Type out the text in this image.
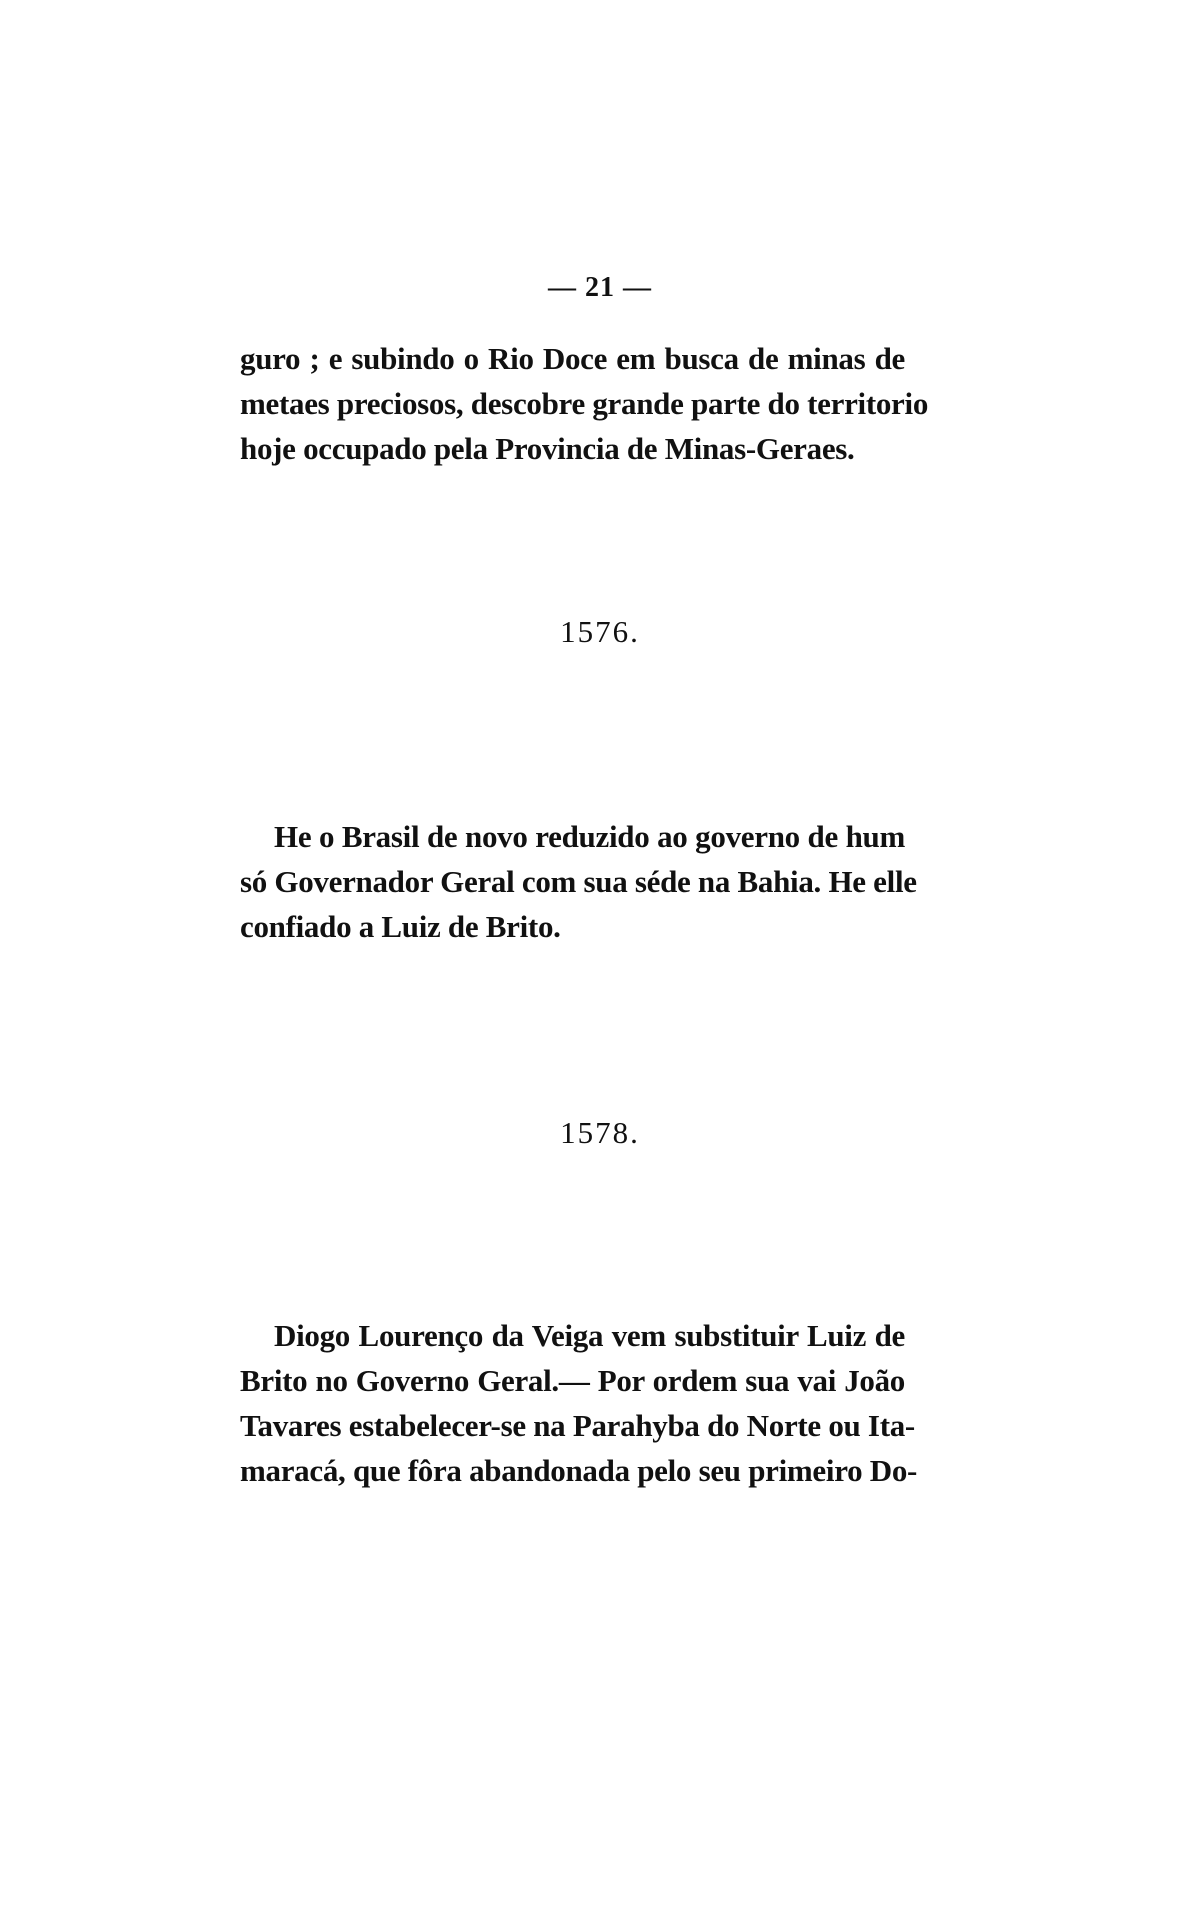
— 21 —
guro ; e subindo o Rio Doce em busca de minas de
metaes preciosos, descobre grande parte do territorio
hoje occupado pela Provincia de Minas-Geraes.
1576.
He o Brasil de novo reduzido ao governo de hum
só Governador Geral com sua séde na Bahia. He elle
confiado a Luiz de Brito.
1578.
Diogo Lourenço da Veiga vem substituir Luiz de
Brito no Governo Geral.— Por ordem sua vai João
Tavares estabelecer-se na Parahyba do Norte ou Ita-
maracá, que fôra abandonada pelo seu primeiro Do-
